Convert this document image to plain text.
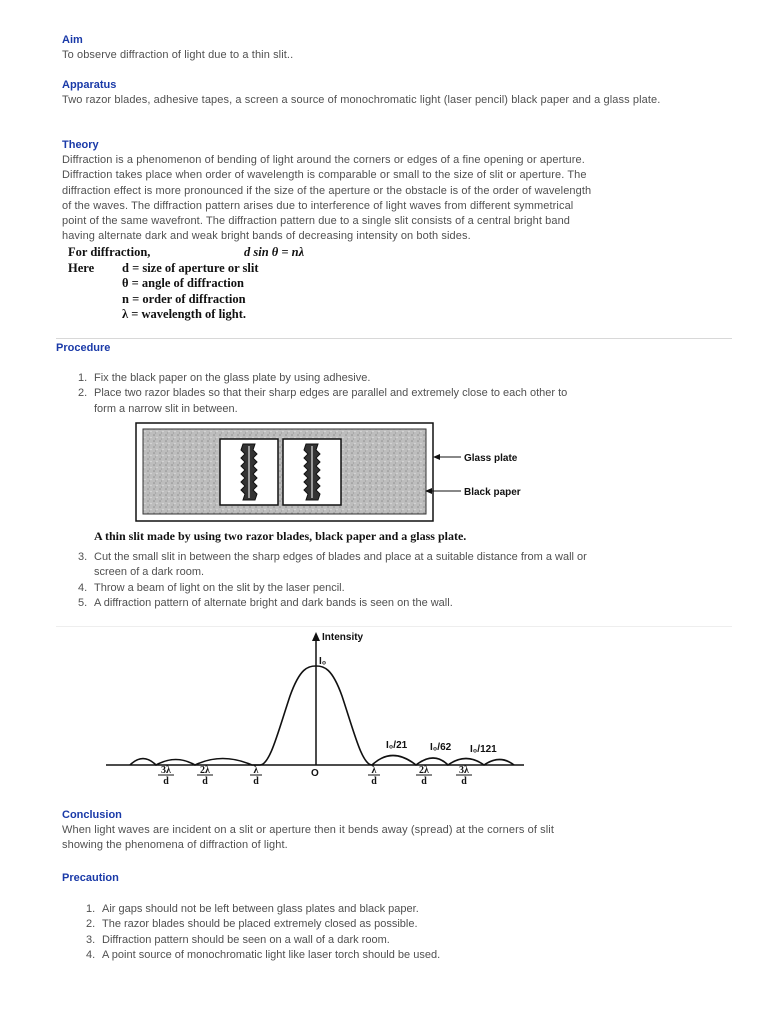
Aim

To observe diffraction of light due to a thin slit..

Apparatus

Two razor blades, adhesive tapes, a screen a source of monochromatic light (laser pencil) black paper and a glass plate.

Theory
Diffraction is a phenomenon of bending of light around the corners or edges of a fine opening or aperture.
Diffraction takes place when order of wavelength is comparable or small to the size of slit or aperture. The
diffraction effect is more pronounced if the size of the aperture or the obstacle is of the order of wavelength
of the waves. The diffraction pattern arises due to interference of light waves from different symmetrical
point of the same wavefront. The diffraction pattern due to a single slit consists of a central bright band
having alternate dark and weak bright bands of decreasing intensity on both sides.
For diffraction,	d sin θ = nλ
Here d = size of aperture or slit
θ = angle of diffraction
n = order of diffraction
λ = wavelength of light.
Procedure
1. Fix the black paper on the glass plate by using adhesive.
2. Place two razor blades so that their sharp edges are parallel and extremely close to each other to
form a narrow slit in between.
Glass plate
Black paper
A thin slit made by using two razor blades, black paper and a glass plate.
3. Cut the small slit in between the sharp edges of blades and place at a suitable distance from a wall or
screen of a dark room.
4. Throw a beam of light on the slit by the laser pencil.
5. A diffraction pattern of alternate bright and dark bands is seen on the wall.
Intensity
I₀
O
I₀/21 I₀/62 I₀/121
3λ
d
2λ
d
λ
d
λ
d
2λ
d
3λ
d
Conclusion
When light waves are incident on a slit or aperture then it bends away (spread) at the corners of slit
showing the phenomena of diffraction of light.
Precaution
1. Air gaps should not be left between glass plates and black paper.
2. The razor blades should be placed extremely closed as possible.
3. Diffraction pattern should be seen on a wall of a dark room.
4. A point source of monochromatic light like laser torch should be used.
